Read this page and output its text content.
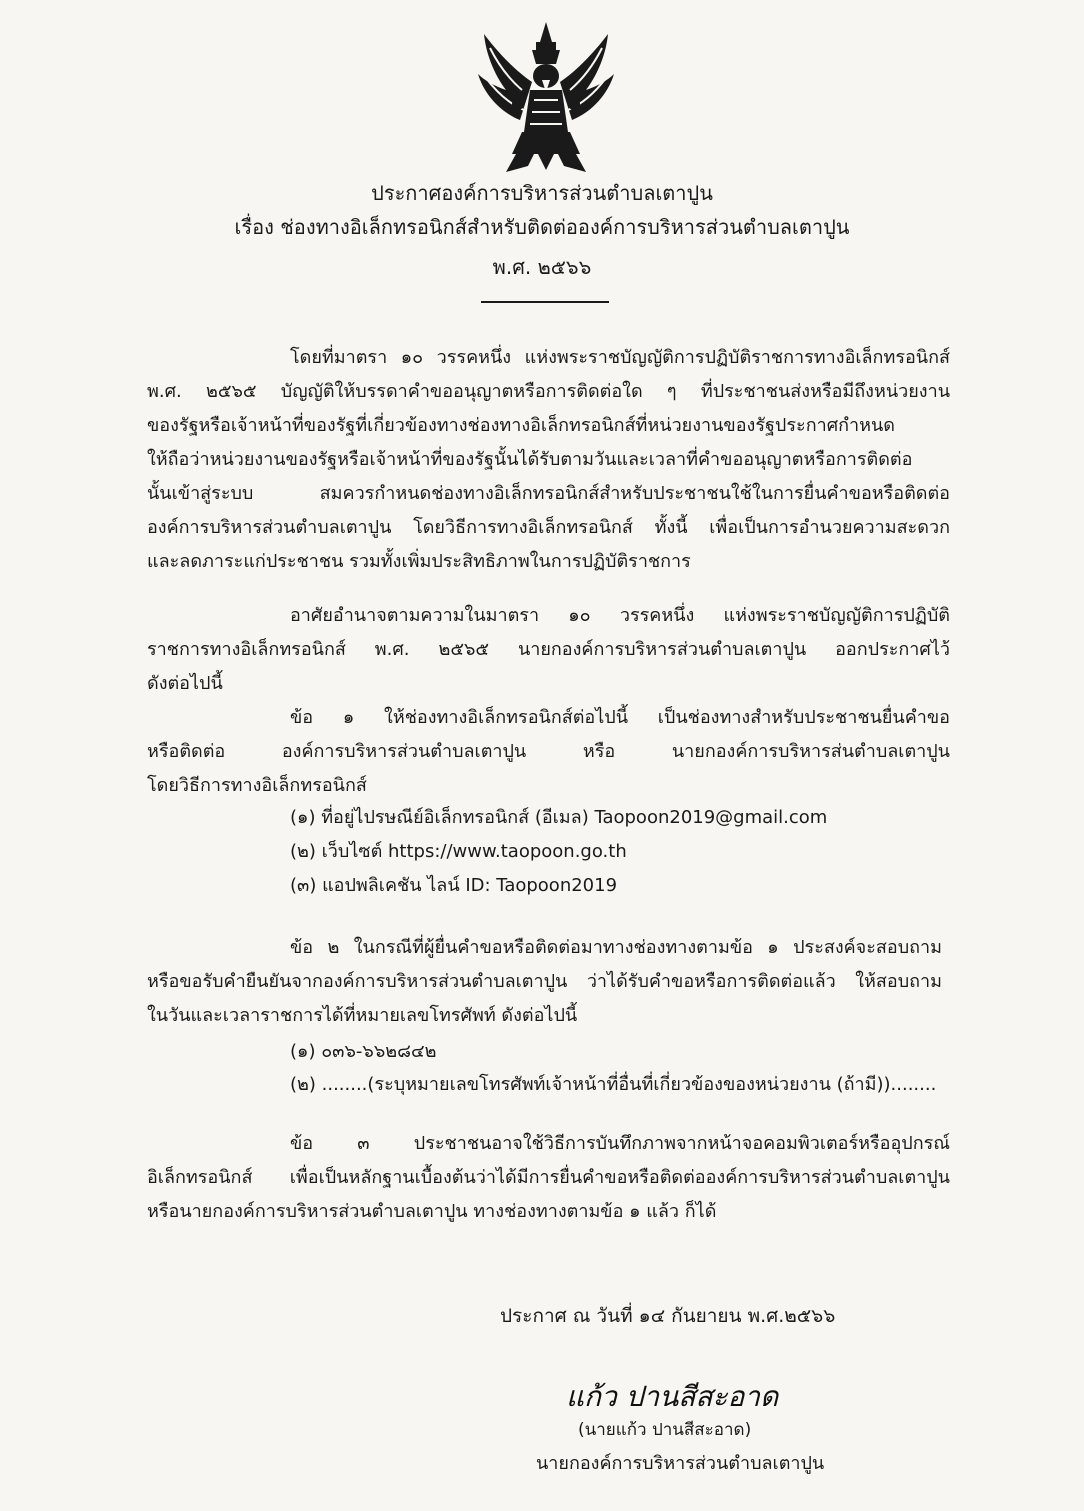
ประกาศองค์การบริหารส่วนตำบลเตาปูน
เรื่อง ช่องทางอิเล็กทรอนิกส์สำหรับติดต่อองค์การบริหารส่วนตำบลเตาปูน
พ.ศ. ๒๕๖๖
โดยที่มาตรา ๑๐ วรรคหนึ่ง แห่งพระราชบัญญัติการปฏิบัติราชการทางอิเล็กทรอนิกส์
พ.ศ. ๒๕๖๕ บัญญัติให้บรรดาคำขออนุญาตหรือการติดต่อใด ๆ ที่ประชาชนส่งหรือมีถึงหน่วยงาน
ของรัฐหรือเจ้าหน้าที่ของรัฐที่เกี่ยวข้องทางช่องทางอิเล็กทรอนิกส์ที่หน่วยงานของรัฐประกาศกำหนด
ให้ถือว่าหน่วยงานของรัฐหรือเจ้าหน้าที่ของรัฐนั้นได้รับตามวันและเวลาที่คำขออนุญาตหรือการติดต่อ
นั้นเข้าสู่ระบบ สมควรกำหนดช่องทางอิเล็กทรอนิกส์สำหรับประชาชนใช้ในการยื่นคำขอหรือติดต่อ
องค์การบริหารส่วนตำบลเตาปูน โดยวิธีการทางอิเล็กทรอนิกส์ ทั้งนี้ เพื่อเป็นการอำนวยความสะดวก
และลดภาระแก่ประชาชน รวมทั้งเพิ่มประสิทธิภาพในการปฏิบัติราชการ
อาศัยอำนาจตามความในมาตรา ๑๐ วรรคหนึ่ง แห่งพระราชบัญญัติการปฏิบัติ
ราชการทางอิเล็กทรอนิกส์ พ.ศ. ๒๕๖๕ นายกองค์การบริหารส่วนตำบลเตาปูน ออกประกาศไว้
ดังต่อไปนี้
ข้อ ๑ ให้ช่องทางอิเล็กทรอนิกส์ต่อไปนี้ เป็นช่องทางสำหรับประชาชนยื่นคำขอ
หรือติดต่อ องค์การบริหารส่วนตำบลเตาปูน หรือ นายกองค์การบริหารส่นตำบลเตาปูน
โดยวิธีการทางอิเล็กทรอนิกส์
(๑) ที่อยู่ไปรษณีย์อิเล็กทรอนิกส์ (อีเมล) Taopoon2019@gmail.com
(๒) เว็บไซต์ https://www.taopoon.go.th
(๓) แอปพลิเคชัน ไลน์ ID: Taopoon2019
ข้อ ๒ ในกรณีที่ผู้ยื่นคำขอหรือติดต่อมาทางช่องทางตามข้อ ๑ ประสงค์จะสอบถาม
หรือขอรับคำยืนยันจากองค์การบริหารส่วนตำบลเตาปูน ว่าได้รับคำขอหรือการติดต่อแล้ว ให้สอบถาม
ในวันและเวลาราชการได้ที่หมายเลขโทรศัพท์ ดังต่อไปนี้
(๑) ๐๓๖-๖๖๒๘๔๒
(๒) ........(ระบุหมายเลขโทรศัพท์เจ้าหน้าที่อื่นที่เกี่ยวข้องของหน่วยงาน (ถ้ามี))........
ข้อ ๓ ประชาชนอาจใช้วิธีการบันทึกภาพจากหน้าจอคอมพิวเตอร์หรืออุปกรณ์
อิเล็กทรอนิกส์ เพื่อเป็นหลักฐานเบื้องต้นว่าได้มีการยื่นคำขอหรือติดต่อองค์การบริหารส่วนตำบลเตาปูน
หรือนายกองค์การบริหารส่วนตำบลเตาปูน ทางช่องทางตามข้อ ๑ แล้ว ก็ได้
ประกาศ ณ วันที่ ๑๔ กันยายน พ.ศ.๒๕๖๖
แก้ว ปานสีสะอาด
(นายแก้ว ปานสีสะอาด)
นายกองค์การบริหารส่วนตำบลเตาปูน
